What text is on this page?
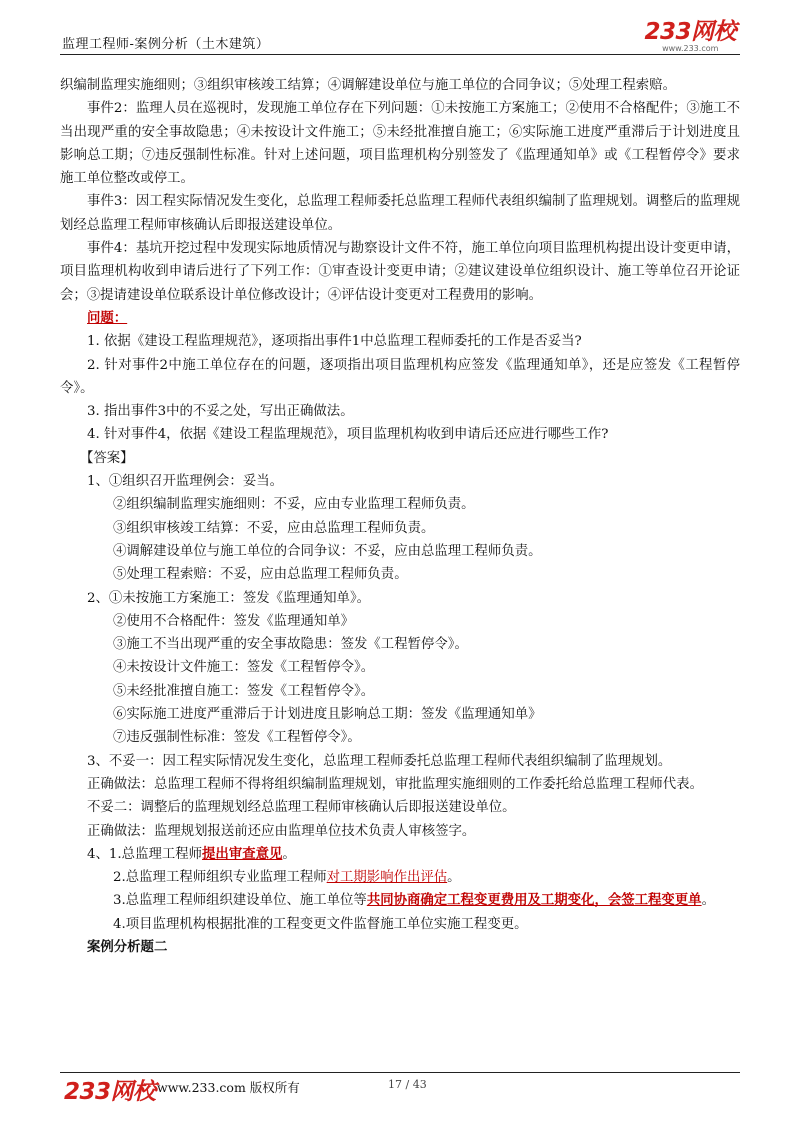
监理工程师-案例分析（土木建筑）	233网校
www.233.com

织编制监理实施细则；③组织审核竣工结算；④调解建设单位与施工单位的合同争议；⑤处理工程索赔。

事件2：监理人员在巡视时，发现施工单位存在下列问题：①未按施工方案施工；②使用不合格配件；③施工不当出现严重的安全事故隐患；④未按设计文件施工；⑤未经批准擅自施工；⑥实际施工进度严重滞后于计划进度且影响总工期；⑦违反强制性标准。针对上述问题，项目监理机构分别签发了《监理通知单》或《工程暂停令》要求施工单位整改或停工。

事件3：因工程实际情况发生变化，总监理工程师委托总监理工程师代表组织编制了监理规划。调整后的监理规划经总监理工程师审核确认后即报送建设单位。

事件4：基坑开挖过程中发现实际地质情况与勘察设计文件不符，施工单位向项目监理机构提出设计变更申请，项目监理机构收到申请后进行了下列工作：①审查设计变更申请；②建议建设单位组织设计、施工等单位召开论证会；③提请建设单位联系设计单位修改设计；④评估设计变更对工程费用的影响。

问题：

1. 依据《建设工程监理规范》，逐项指出事件1中总监理工程师委托的工作是否妥当?

2. 针对事件2中施工单位存在的问题，逐项指出项目监理机构应签发《监理通知单》，还是应签发《工程暂停令》。

3. 指出事件3中的不妥之处，写出正确做法。

4. 针对事件4，依据《建设工程监理规范》，项目监理机构收到申请后还应进行哪些工作?

【答案】

1、①组织召开监理例会：妥当。

②组织编制监理实施细则：不妥，应由专业监理工程师负责。

③组织审核竣工结算：不妥，应由总监理工程师负责。

④调解建设单位与施工单位的合同争议：不妥，应由总监理工程师负责。

⑤处理工程索赔：不妥，应由总监理工程师负责。

2、①未按施工方案施工：签发《监理通知单》。

②使用不合格配件：签发《监理通知单》

③施工不当出现严重的安全事故隐患：签发《工程暂停令》。

④未按设计文件施工：签发《工程暂停令》。

⑤未经批准擅自施工：签发《工程暂停令》。

⑥实际施工进度严重滞后于计划进度且影响总工期：签发《监理通知单》

⑦违反强制性标准：签发《工程暂停令》。

3、不妥一：因工程实际情况发生变化，总监理工程师委托总监理工程师代表组织编制了监理规划。

正确做法：总监理工程师不得将组织编制监理规划，审批监理实施细则的工作委托给总监理工程师代表。

不妥二：调整后的监理规划经总监理工程师审核确认后即报送建设单位。

正确做法：监理规划报送前还应由监理单位技术负责人审核签字。

4、1.总监理工程师提出审查意见。

2.总监理工程师组织专业监理工程师对工期影响作出评估。

3.总监理工程师组织建设单位、施工单位等共同协商确定工程变更费用及工期变化，会签工程变更单。

4.项目监理机构根据批准的工程变更文件监督施工单位实施工程变更。

案例分析题二

233网校 www.233.com 版权所有	17 / 43
